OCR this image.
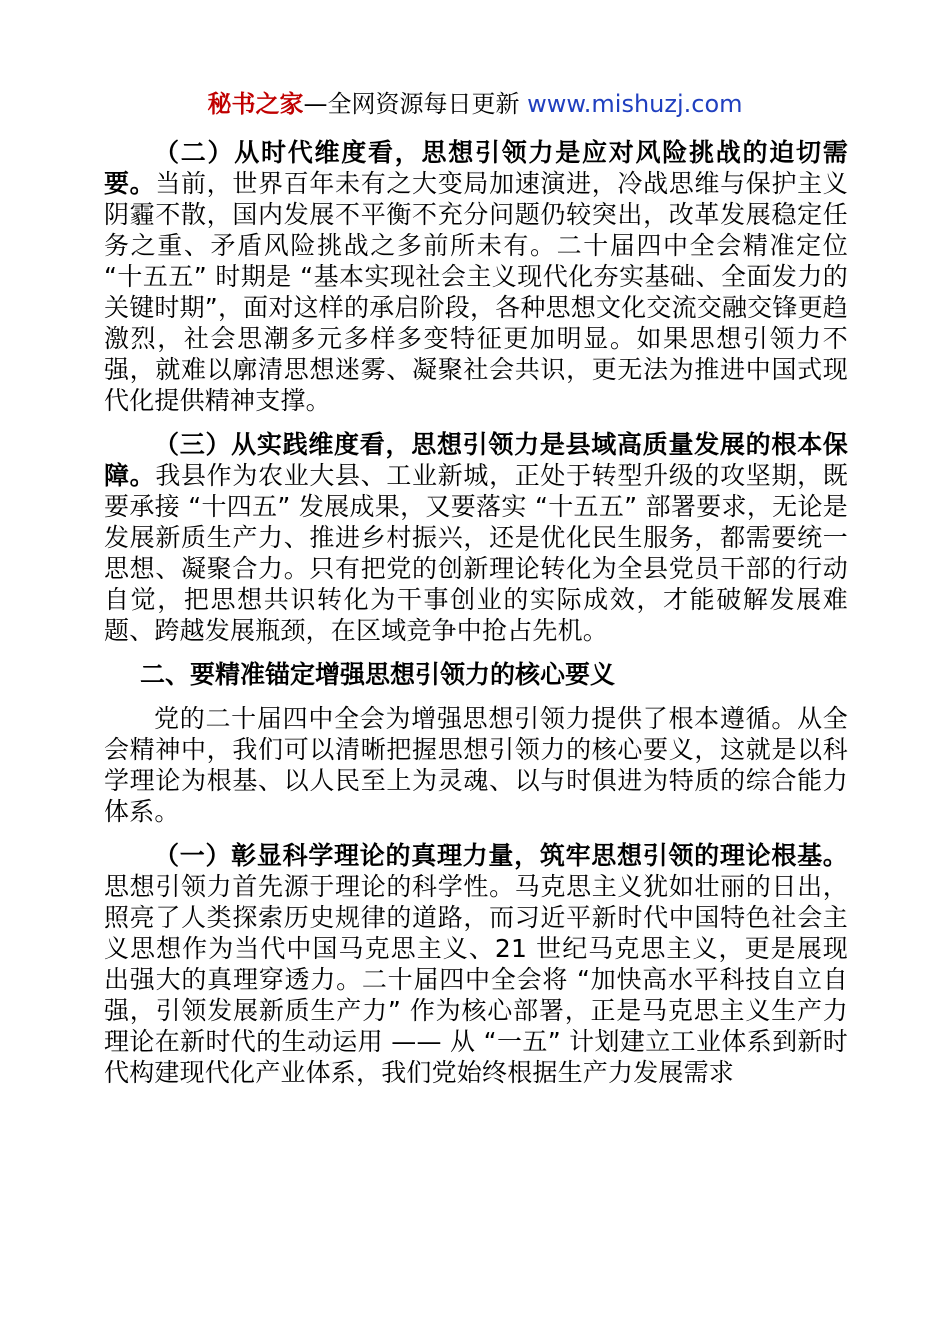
秘书之家—全网资源每日更新 www.mishuzj.com

（二）从时代维度看，思想引领力是应对风险挑战的迫切需要。当前，世界百年未有之大变局加速演进，冷战思维与保护主义阴霾不散，国内发展不平衡不充分问题仍较突出，改革发展稳定任务之重、矛盾风险挑战之多前所未有。二十届四中全会精准定位 “十五五” 时期是 “基本实现社会主义现代化夯实基础、全面发力的关键时期”，面对这样的承启阶段，各种思想文化交流交融交锋更趋激烈，社会思潮多元多样多变特征更加明显。如果思想引领力不强，就难以廓清思想迷雾、凝聚社会共识，更无法为推进中国式现代化提供精神支撑。

（三）从实践维度看，思想引领力是县域高质量发展的根本保障。我县作为农业大县、工业新城，正处于转型升级的攻坚期，既要承接 “十四五” 发展成果，又要落实 “十五五” 部署要求，无论是发展新质生产力、推进乡村振兴，还是优化民生服务，都需要统一思想、凝聚合力。只有把党的创新理论转化为全县党员干部的行动自觉，把思想共识转化为干事创业的实际成效，才能破解发展难题、跨越发展瓶颈，在区域竞争中抢占先机。

二、要精准锚定增强思想引领力的核心要义

党的二十届四中全会为增强思想引领力提供了根本遵循。从全会精神中，我们可以清晰把握思想引领力的核心要义，这就是以科学理论为根基、以人民至上为灵魂、以与时俱进为特质的综合能力体系。

（一）彰显科学理论的真理力量，筑牢思想引领的理论根基。思想引领力首先源于理论的科学性。马克思主义犹如壮丽的日出，照亮了人类探索历史规律的道路，而习近平新时代中国特色社会主义思想作为当代中国马克思主义、21 世纪马克思主义，更是展现出强大的真理穿透力。二十届四中全会将 “加快高水平科技自立自强，引领发展新质生产力” 作为核心部署，正是马克思主义生产力理论在新时代的生动运用 —— 从 “一五” 计划建立工业体系到新时代构建现代化产业体系，我们党始终根据生产力发展需求
